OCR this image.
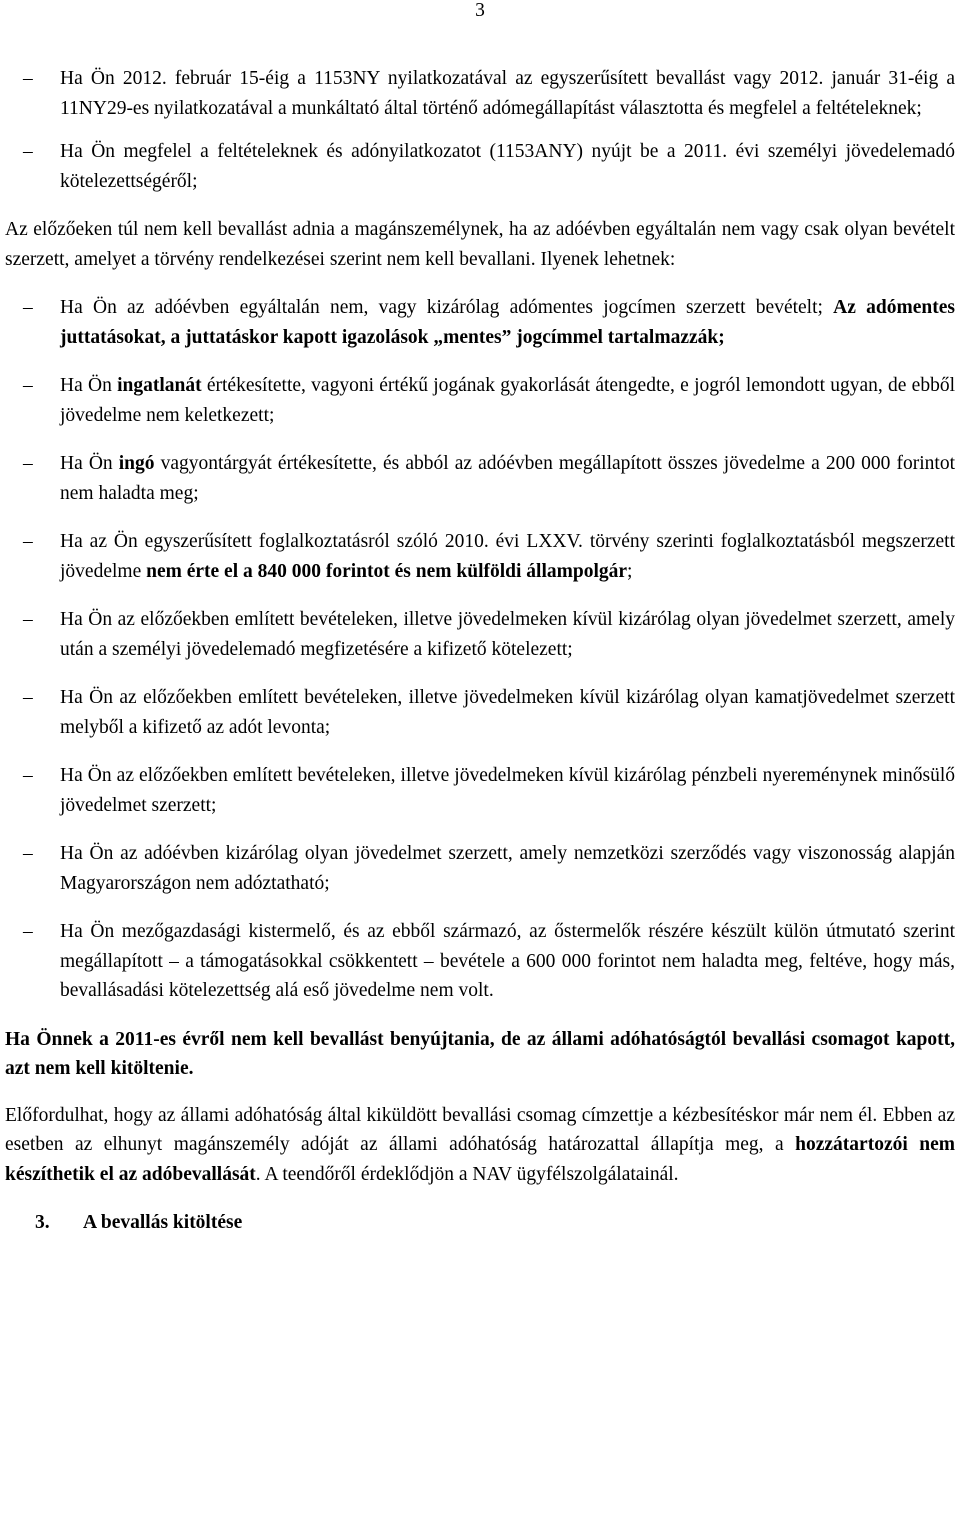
3
– Ha Ön 2012. február 15-éig a 1153NY nyilatkozatával az egyszerűsített bevallást vagy 2012. január 31-éig a 11NY29-es nyilatkozatával a munkáltató által történő adómegállapítást választotta és megfelel a feltételeknek;
– Ha Ön megfelel a feltételeknek és adónyilatkozatot (1153ANY) nyújt be a 2011. évi személyi jövedelemadó kötelezettségéről;

Az előzőeken túl nem kell bevallást adnia a magánszemélynek, ha az adóévben egyáltalán nem vagy csak olyan bevételt szerzett, amelyet a törvény rendelkezései szerint nem kell bevallani. Ilyenek lehetnek:

– Ha Ön az adóévben egyáltalán nem, vagy kizárólag adómentes jogcímen szerzett bevételt; Az adómentes juttatásokat, a juttatáskor kapott igazolások „mentes” jogcímmel tartalmazzák;
– Ha Ön ingatlanát értékesítette, vagyoni értékű jogának gyakorlását átengedte, e jogról lemondott ugyan, de ebből jövedelme nem keletkezett;
– Ha Ön ingó vagyontárgyát értékesítette, és abból az adóévben megállapított összes jövedelme a 200 000 forintot nem haladta meg;
– Ha az Ön egyszerűsített foglalkoztatásról szóló 2010. évi LXXV. törvény szerinti foglalkoztatásból megszerzett jövedelme nem érte el a 840 000 forintot és nem külföldi állampolgár;
– Ha Ön az előzőekben említett bevételeken, illetve jövedelmeken kívül kizárólag olyan jövedelmet szerzett, amely után a személyi jövedelemadó megfizetésére a kifizető kötelezett;
– Ha Ön az előzőekben említett bevételeken, illetve jövedelmeken kívül kizárólag olyan kamatjövedelmet szerzett melyből a kifizető az adót levonta;
– Ha Ön az előzőekben említett bevételeken, illetve jövedelmeken kívül kizárólag pénzbeli nyereménynek minősülő jövedelmet szerzett;
– Ha Ön az adóévben kizárólag olyan jövedelmet szerzett, amely nemzetközi szerződés vagy viszonosság alapján Magyarországon nem adóztatható;
– Ha Ön mezőgazdasági kistermelő, és az ebből származó, az őstermelők részére készült külön útmutató szerint megállapított – a támogatásokkal csökkentett – bevétele a 600 000 forintot nem haladta meg, feltéve, hogy más, bevallásadási kötelezettség alá eső jövedelme nem volt.

Ha Önnek a 2011-es évről nem kell bevallást benyújtania, de az állami adóhatóságtól bevallási csomagot kapott, azt nem kell kitöltenie.

Előfordulhat, hogy az állami adóhatóság által kiküldött bevallási csomag címzettje a kézbesítéskor már nem él. Ebben az esetben az elhunyt magánszemély adóját az állami adóhatóság határozattal állapítja meg, a hozzátartozói nem készíthetik el az adóbevallását. A teendőről érdeklődjön a NAV ügyfélszolgálatainál.

3. A bevallás kitöltése
